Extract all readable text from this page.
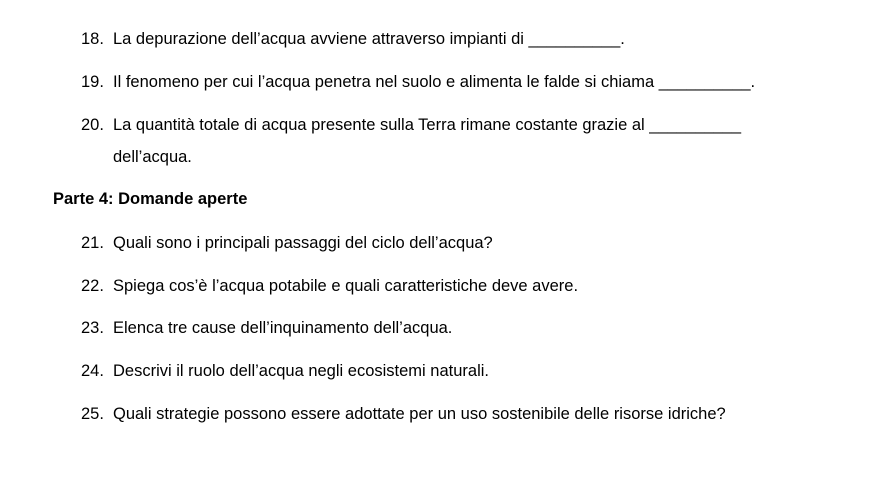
18. La depurazione dell’acqua avviene attraverso impianti di __________.
19. Il fenomeno per cui l’acqua penetra nel suolo e alimenta le falde si chiama __________.
20. La quantità totale di acqua presente sulla Terra rimane costante grazie al __________
dell’acqua.
Parte 4: Domande aperte
21. Quali sono i principali passaggi del ciclo dell’acqua?
22. Spiega cos’è l’acqua potabile e quali caratteristiche deve avere.
23. Elenca tre cause dell’inquinamento dell’acqua.
24. Descrivi il ruolo dell’acqua negli ecosistemi naturali.
25. Quali strategie possono essere adottate per un uso sostenibile delle risorse idriche?
